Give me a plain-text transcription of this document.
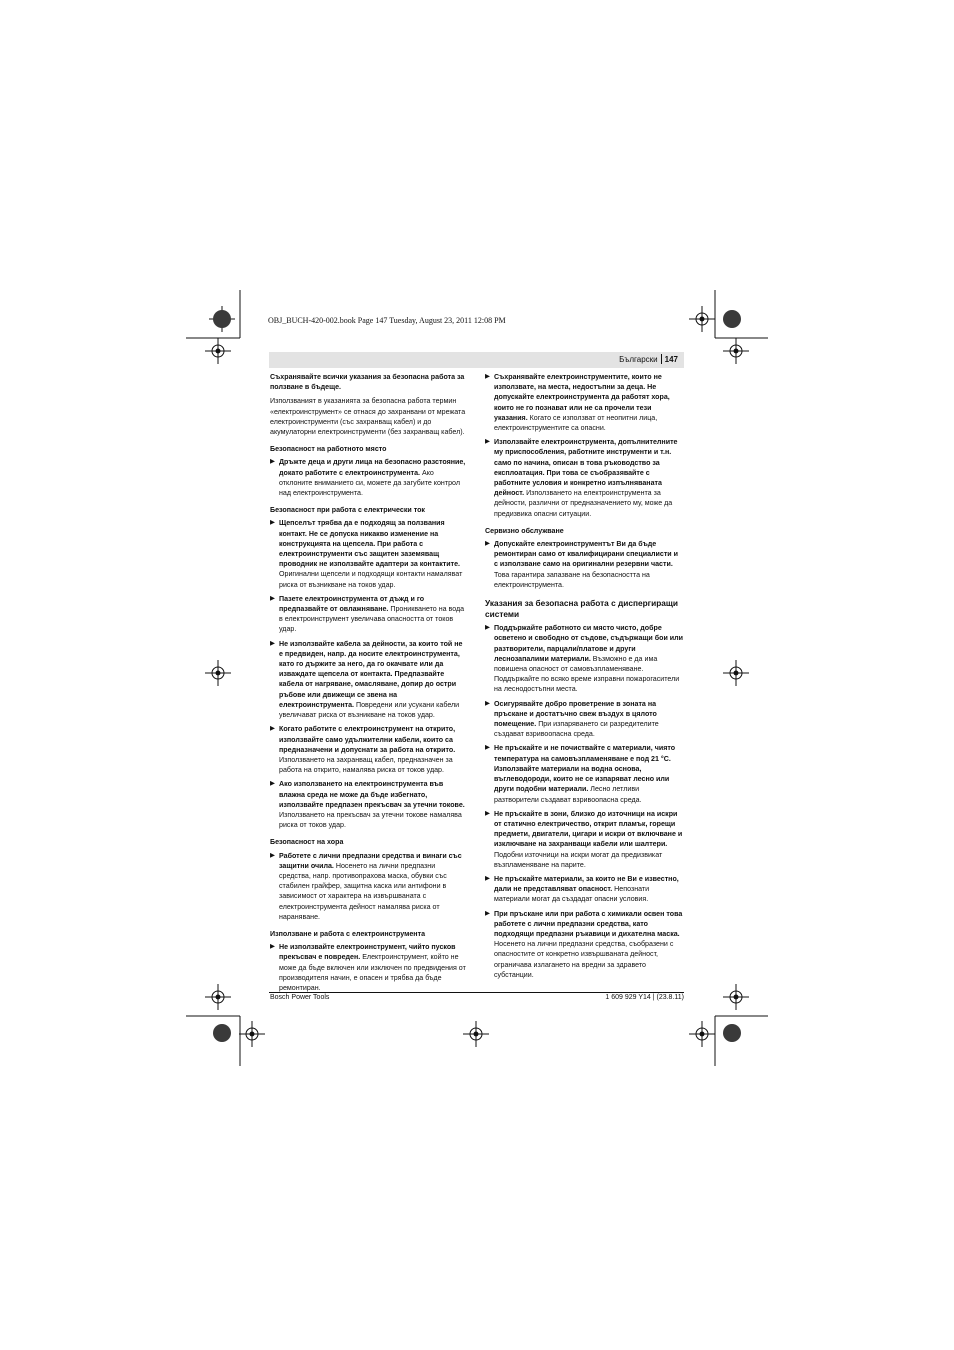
OBJ_BUCH-420-002.book Page 147 Tuesday, August 23, 2011 12:08 PM
Български 147

Съхранявайте всички указания за безопасна работа за ползване в бъдеще.

Използваният в указанията за безопасна работа термин «електроинструмент» се отнася до захранвани от мрежата електроинструменти (със захранващ кабел) и до акумулаторни електроинструменти (без захранващ кабел).

Безопасност на работното място

▶ Дръжте деца и други лица на безопасно разстояние, докато работите с електроинструмента. Ако отклоните вниманието си, можете да загубите контрол над електроинструмента.

Безопасност при работа с електрически ток

▶ Щепселът трябва да е подходящ за ползвания контакт. Не се допуска никакво изменение на конструкцията на щепсела. При работа с електроинструменти със защитен заземяващ проводник не използвайте адаптери за контактите. Оригинални щепсели и подходящи контакти намаляват риска от възникване на токов удар.

▶ Пазете електроинструмента от дъжд и го предпазвайте от овлажняване. Проникването на вода в електроинструмент увеличава опасността от токов удар.

▶ Не използвайте кабела за дейности, за които той не е предвиден, напр. да носите електроинструмента, като го държите за него, да го окачвате или да изваждате щепсела от контакта. Предпазвайте кабела от нагряване, омасляване, допир до остри ръбове или движещи се звена на електроинструмента. Повредени или усукани кабели увеличават риска от възникване на токов удар.

▶ Когато работите с електроинструмент на открито, използвайте само удължителни кабели, които са предназначени и допуснати за работа на открито. Използването на захранващ кабел, предназначен за работа на открито, намалява риска от токов удар.

▶ Ако използването на електроинструмента във влажна среда не може да бъде избегнато, използвайте предпазен прекъсвач за утечни токове. Използването на прекъсвач за утечни токове намалява риска от токов удар.

Безопасност на хора

▶ Работете с лични предпазни средства и винаги със защитни очила. Носенето на лични предпазни средства, напр. противопрахова маска, обувки със стабилен грайфер, защитна каска или антифони в зависимост от характера на извършваната с електроинструмента дейност намалява риска от нараняване.

Използване и работа с електроинструмента

▶ Не използвайте електроинструмент, чийто пусков прекъсвач е повреден. Електроинструмент, който не може да бъде включен или изключен по предвидения от производителя начин, е опасен и трябва да бъде ремонтиран.

▶ Съхранявайте електроинструментите, които не използвате, на места, недостъпни за деца. Не допускайте електроинструмента да работят хора, които не го познават или не са прочели тези указания. Когато се използват от неопитни лица, електроинструментите са опасни.

▶ Използвайте електроинструмента, допълнителните му приспособления, работните инструменти и т.н. само по начина, описан в това ръководство за експлоатация. При това се съобразявайте с работните условия и конкретно изпълняваната дейност. Използването на електроинструмента за дейности, различни от предназначението му, може да предизвика опасни ситуации.

Сервизно обслужване

▶ Допускайте електроинструментът Ви да бъде ремонтиран само от квалифицирани специалисти и с използване само на оригинални резервни части. Това гарантира запазване на безопасността на електроинструмента.

Указания за безопасна работа с диспергиращи системи

▶ Поддържайте работното си място чисто, добре осветено и свободно от съдове, съдържащи бои или разтворители, парцали/платове и други леснозапалими материали. Възможно е да има повишена опасност от самовъзпламеняване. Поддържайте по всяко време изправни пожарогасители на леснодостъпни места.

▶ Осигурявайте добро проветрение в зоната на пръскане и достатъчно свеж въздух в цялото помещение. При изпаряването си разредителите създават взривоопасна среда.

▶ Не пръскайте и не почиствайте с материали, чиято температура на самовъзпламеняване е под 21 °C. Използвайте материали на водна основа, въглеводороди, които не се изпаряват лесно или други подобни материали. Лесно летливи разтворители създават взривоопасна среда.

▶ Не пръскайте в зони, близко до източници на искри от статично електричество, открит пламък, горещи предмети, двигатели, цигари и искри от включване и изключване на захранващи кабели или шалтери. Подобни източници на искри могат да предизвикат възпламеняване на парите.

▶ Не пръскайте материали, за които не Ви е известно, дали не представляват опасност. Непознати материали могат да създадат опасни условия.

▶ При пръскане или при работа с химикали освен това работете с лични предпазни средства, като подходящи предпазни ръкавици и дихателна маска. Носенето на лични предпазни средства, съобразени с опасностите от конкретно извършваната дейност, ограничава излагането на вредни за здравето субстанции.

Bosch Power Tools	1 609 929 Y14 | (23.8.11)
